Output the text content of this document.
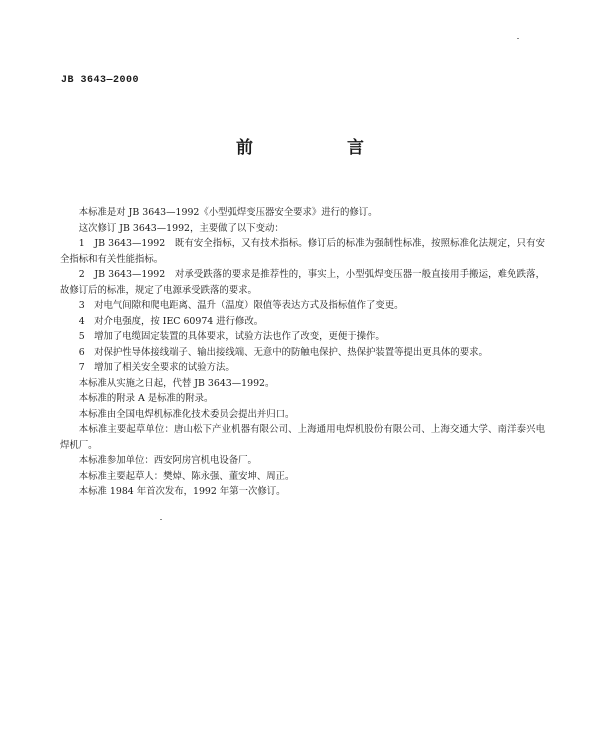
JB 3643—2000
前 言

本标准是对 JB 3643—1992《小型弧焊变压器安全要求》进行的修订。

这次修订 JB 3643—1992，主要做了以下变动：

1　JB 3643—1992　既有安全指标，又有技术指标。修订后的标准为强制性标准，按照标准化法规定，只有安全指标和有关性能指标。

2　JB 3643—1992　对承受跌落的要求是推荐性的，事实上，小型弧焊变压器一般直接用手搬运，难免跌落，故修订后的标准，规定了电源承受跌落的要求。

3　对电气间隙和爬电距离、温升（温度）限值等表达方式及指标值作了变更。

4　对介电强度，按 IEC 60974 进行修改。

5　增加了电缆固定装置的具体要求，试验方法也作了改变，更便于操作。

6　对保护性导体接线端子、输出接线端、无意中的防触电保护、热保护装置等提出更具体的要求。

7　增加了相关安全要求的试验方法。

本标准从实施之日起，代替 JB 3643—1992。

本标准的附录 A 是标准的附录。

本标准由全国电焊机标准化技术委员会提出并归口。

本标准主要起草单位：唐山松下产业机器有限公司、上海通用电焊机股份有限公司、上海交通大学、南洋泰兴电焊机厂。

本标准参加单位：西安阿房宫机电设备厂。

本标准主要起草人：樊焯、陈永强、董安坤、周正。

本标准 1984 年首次发布，1992 年第一次修订。
